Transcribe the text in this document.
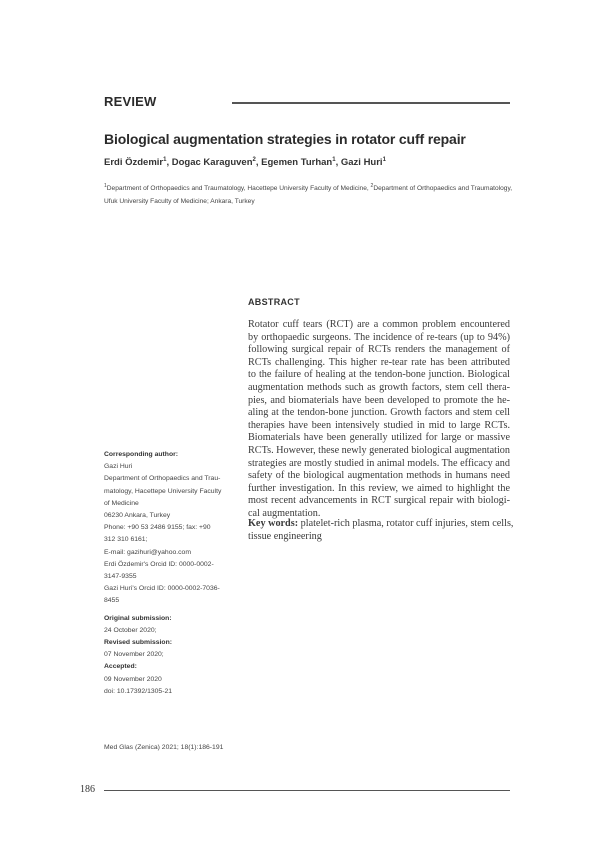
REVIEW
Biological augmentation strategies in rotator cuff repair
Erdi Özdemir$^1$, Dogac Karaguven$^2$, Egemen Turhan$^1$, Gazi Huri$^1$
$^1$Department of Orthopaedics and Traumatology, Hacettepe University Faculty of Medicine, $^2$Department of Orthopaedics and Traumatology, Ufuk University Faculty of Medicine; Ankara, Turkey
ABSTRACT
Rotator cuff tears (RCT) are a common problem encountered
by orthopaedic surgeons. The incidence of re-tears (up to 94%)
following surgical repair of RCTs renders the management of
RCTs challenging. This higher re-tear rate has been attributed
to the failure of healing at the tendon-bone junction. Biological
augmentation methods such as growth factors, stem cell thera-
pies, and biomaterials have been developed to promote the he-
aling at the tendon-bone junction. Growth factors and stem cell
therapies have been intensively studied in mid to large RCTs.
Biomaterials have been generally utilized for large or massive
RCTs. However, these newly generated biological augmentation
strategies are mostly studied in animal models. The efficacy and
safety of the biological augmentation methods in humans need
further investigation. In this review, we aimed to highlight the
most recent advancements in RCT surgical repair with biologi-
cal augmentation.
Key words: platelet-rich plasma, rotator cuff injuries, stem cells, tissue engineering
Corresponding author:
Gazi Huri
Department of Orthopaedics and Trau-
matology, Hacettepe University Faculty
of Medicine
06230 Ankara, Turkey
Phone: +90 53 2486 9155; fax: +90
312 310 6161;
E-mail: gazihuri@yahoo.com
Erdi Özdemir's Orcid ID: 0000-0002-
3147-9355
Gazi Huri's Orcid ID: 0000-0002-7036-
8455
Original submission:
24 October 2020;
Revised submission:
07 November 2020;
Accepted:
09 November 2020
doi: 10.17392/1305-21
Med Glas (Zenica) 2021; 18(1):186-191
186
